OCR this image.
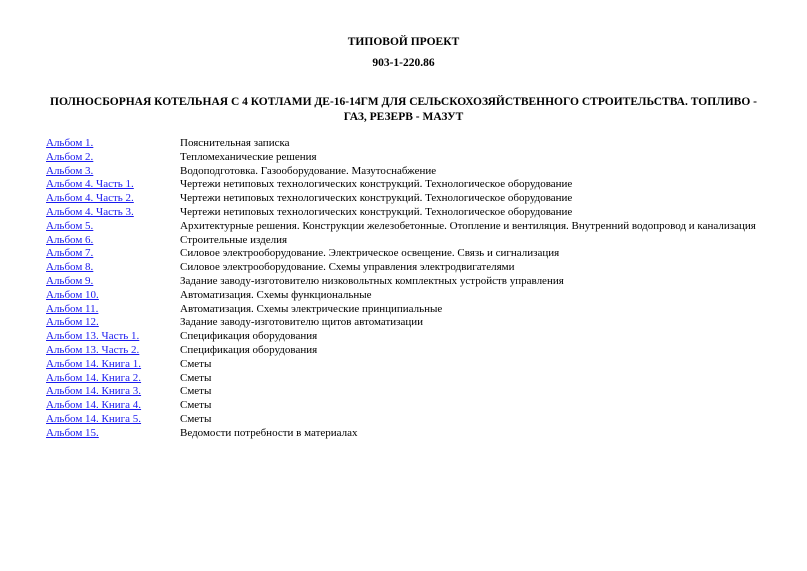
ТИПОВОЙ ПРОЕКТ
903-1-220.86
ПОЛНОСБОРНАЯ КОТЕЛЬНАЯ С 4 КОТЛАМИ ДЕ-16-14ГМ ДЛЯ СЕЛЬСКОХОЗЯЙСТВЕННОГО СТРОИТЕЛЬСТВА. ТОПЛИВО - ГАЗ, РЕЗЕРВ - МАЗУТ
Альбом 1.	Пояснительная записка
Альбом 2.	Тепломеханические решения
Альбом 3.	Водоподготовка. Газооборудование. Мазутоснабжение
Альбом 4. Часть 1.	Чертежи нетиповых технологических конструкций. Технологическое оборудование
Альбом 4. Часть 2.	Чертежи нетиповых технологических конструкций. Технологическое оборудование
Альбом 4. Часть 3.	Чертежи нетиповых технологических конструкций. Технологическое оборудование
Альбом 5.	Архитектурные решения. Конструкции железобетонные. Отопление и вентиляция. Внутренний водопровод и канализация
Альбом 6.	Строительные изделия
Альбом 7.	Силовое электрооборудование. Электрическое освещение. Связь и сигнализация
Альбом 8.	Силовое электрооборудование. Схемы управления электродвигателями
Альбом 9.	Задание заводу-изготовителю низковольтных комплектных устройств управления
Альбом 10.	Автоматизация. Схемы функциональные
Альбом 11.	Автоматизация. Схемы электрические принципиальные
Альбом 12.	Задание заводу-изготовителю щитов автоматизации
Альбом 13. Часть 1.	Спецификация оборудования
Альбом 13. Часть 2.	Спецификация оборудования
Альбом 14. Книга 1.	Сметы
Альбом 14. Книга 2.	Сметы
Альбом 14. Книга 3.	Сметы
Альбом 14. Книга 4.	Сметы
Альбом 14. Книга 5.	Сметы
Альбом 15.	Ведомости потребности в материалах
